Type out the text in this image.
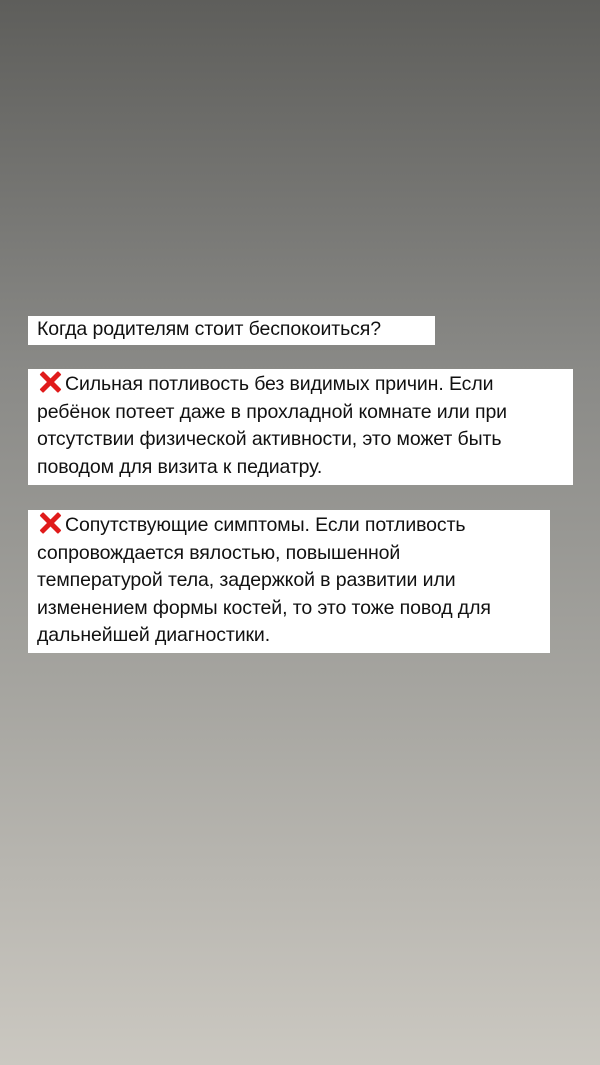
Когда родителям стоит беспокоиться?
Сильная потливость без видимых причин. Если
ребёнок потеет даже в прохладной комнате или при
отсутствии физической активности, это может быть
поводом для визита к педиатру.
Сопутствующие симптомы. Если потливость
сопровождается вялостью, повышенной
температурой тела, задержкой в развитии или
изменением формы костей, то это тоже повод для
дальнейшей диагностики.
